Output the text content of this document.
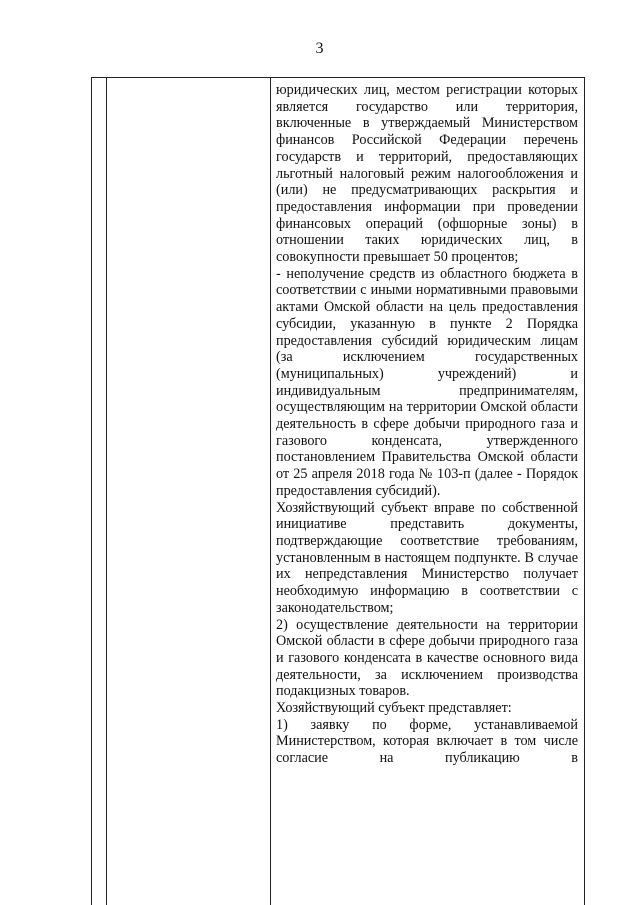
3

юридических лиц, местом регистрации которых является государство или территория, включенные в утверждаемый Министерством финансов Российской Федерации перечень государств и территорий, предоставляющих льготный налоговый режим налогообложения и (или) не предусматривающих раскрытия и предоставления информации при проведении финансовых операций (офшорные зоны) в отношении таких юридических лиц, в совокупности превышает 50 процентов;

- неполучение средств из областного бюджета в соответствии с иными нормативными правовыми актами Омской области на цель предоставления субсидии, указанную в пункте 2 Порядка предоставления субсидий юридическим лицам (за исключением государственных (муниципальных) учреждений) и индивидуальным предпринимателям, осуществляющим на территории Омской области деятельность в сфере добычи природного газа и газового конденсата, утвержденного постановлением Правительства Омской области от 25 апреля 2018 года № 103-п (далее - Порядок предоставления субсидий).

Хозяйствующий субъект вправе по собственной инициативе представить документы, подтверждающие соответствие требованиям, установленным в настоящем подпункте. В случае их непредставления Министерство получает необходимую информацию в соответствии с законодательством;

2) осуществление деятельности на территории Омской области в сфере добычи природного газа и газового конденсата в качестве основного вида деятельности, за исключением производства подакцизных товаров.

Хозяйствующий субъект представляет:

1) заявку по форме, устанавливаемой Министерством, которая включает в том числе согласие на публикацию в
